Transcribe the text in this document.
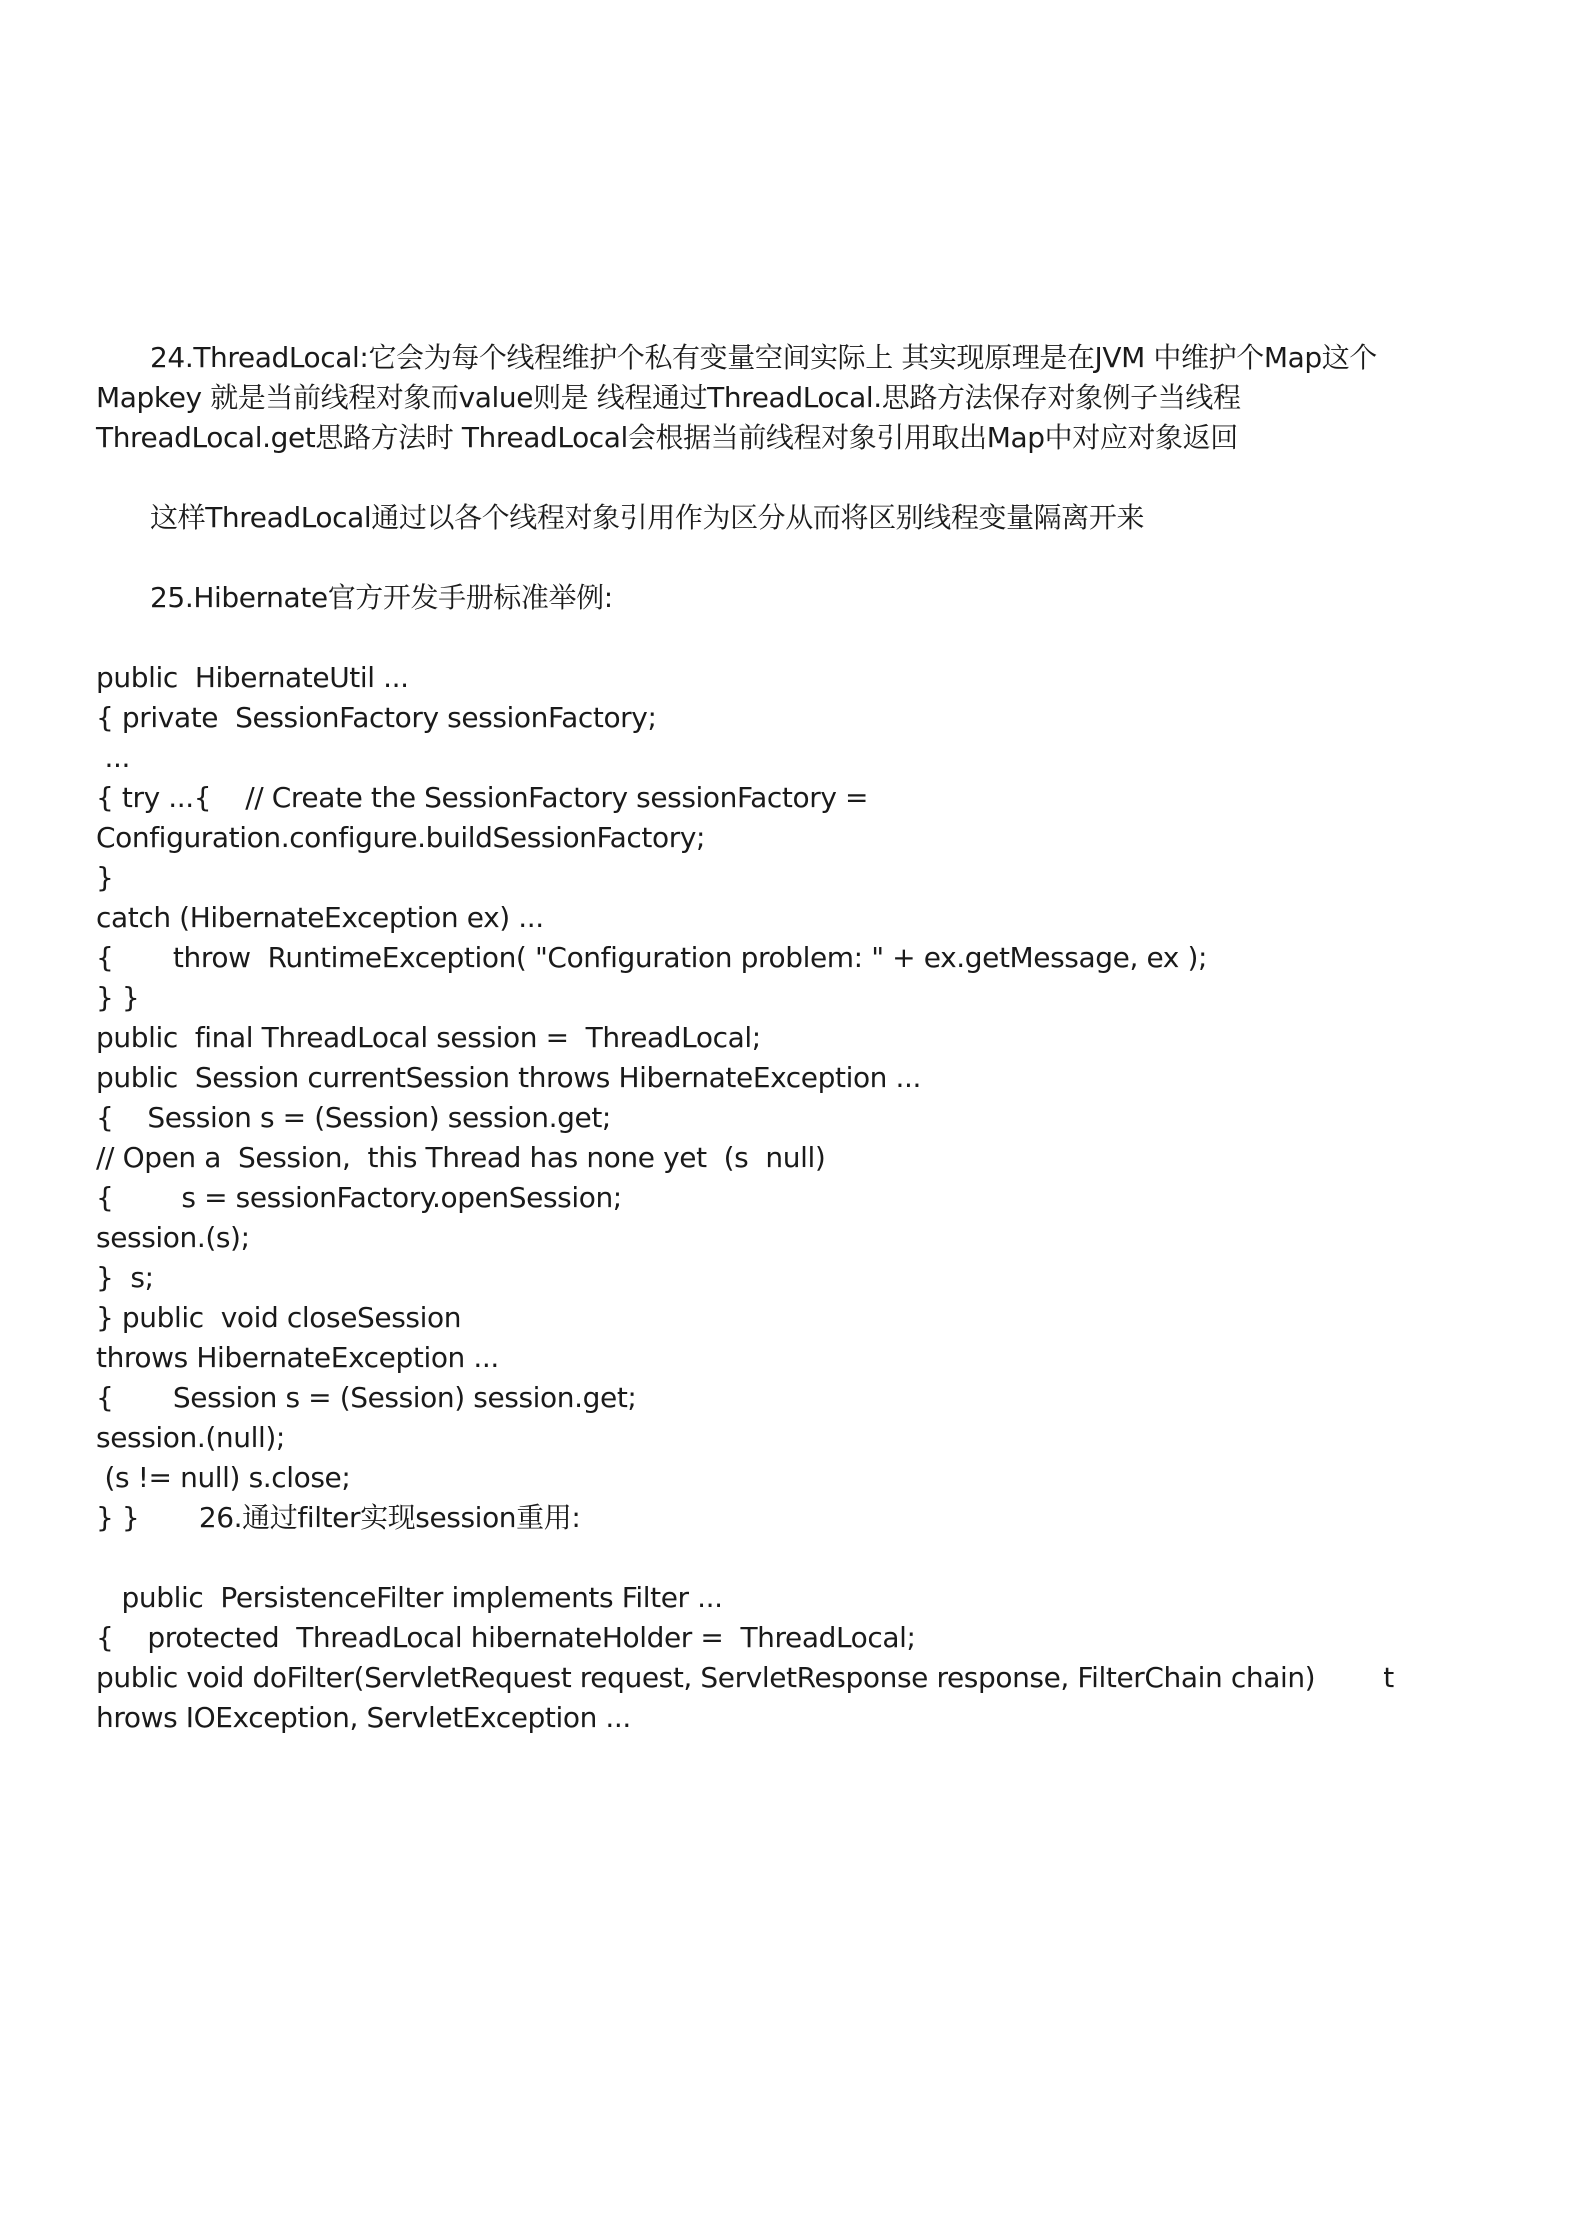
24.ThreadLocal:它会为每个线程维护个私有变量空间实际上 其实现原理是在JVM 中维护个Map这个
Mapkey 就是当前线程对象而value则是 线程通过ThreadLocal.思路方法保存对象例子当线程
ThreadLocal.get思路方法时 ThreadLocal会根据当前线程对象引用取出Map中对应对象返回
这样ThreadLocal通过以各个线程对象引用作为区分从而将区别线程变量隔离开来
25.Hibernate官方开发手册标准举例:
public  HibernateUtil ...
{ private  SessionFactory sessionFactory;
...
{ try ...{    // Create the SessionFactory sessionFactory =
Configuration.configure.buildSessionFactory;
}
catch (HibernateException ex) ...
{       throw  RuntimeException( "Configuration problem: " + ex.getMessage, ex );
} }
public  final ThreadLocal session =  ThreadLocal;
public  Session currentSession throws HibernateException ...
{    Session s = (Session) session.get;
// Open a  Session,  this Thread has none yet  (s  null)
{        s = sessionFactory.openSession;
session.(s);
}  s;
} public  void closeSession
throws HibernateException ...
{       Session s = (Session) session.get;
session.(null);
(s != null) s.close;
} }       26.通过filter实现session重用:
public  PersistenceFilter implements Filter ...
{    protected  ThreadLocal hibernateHolder =  ThreadLocal;
public void doFilter(ServletRequest request, ServletResponse response, FilterChain chain)        t
hrows IOException, ServletException ...
